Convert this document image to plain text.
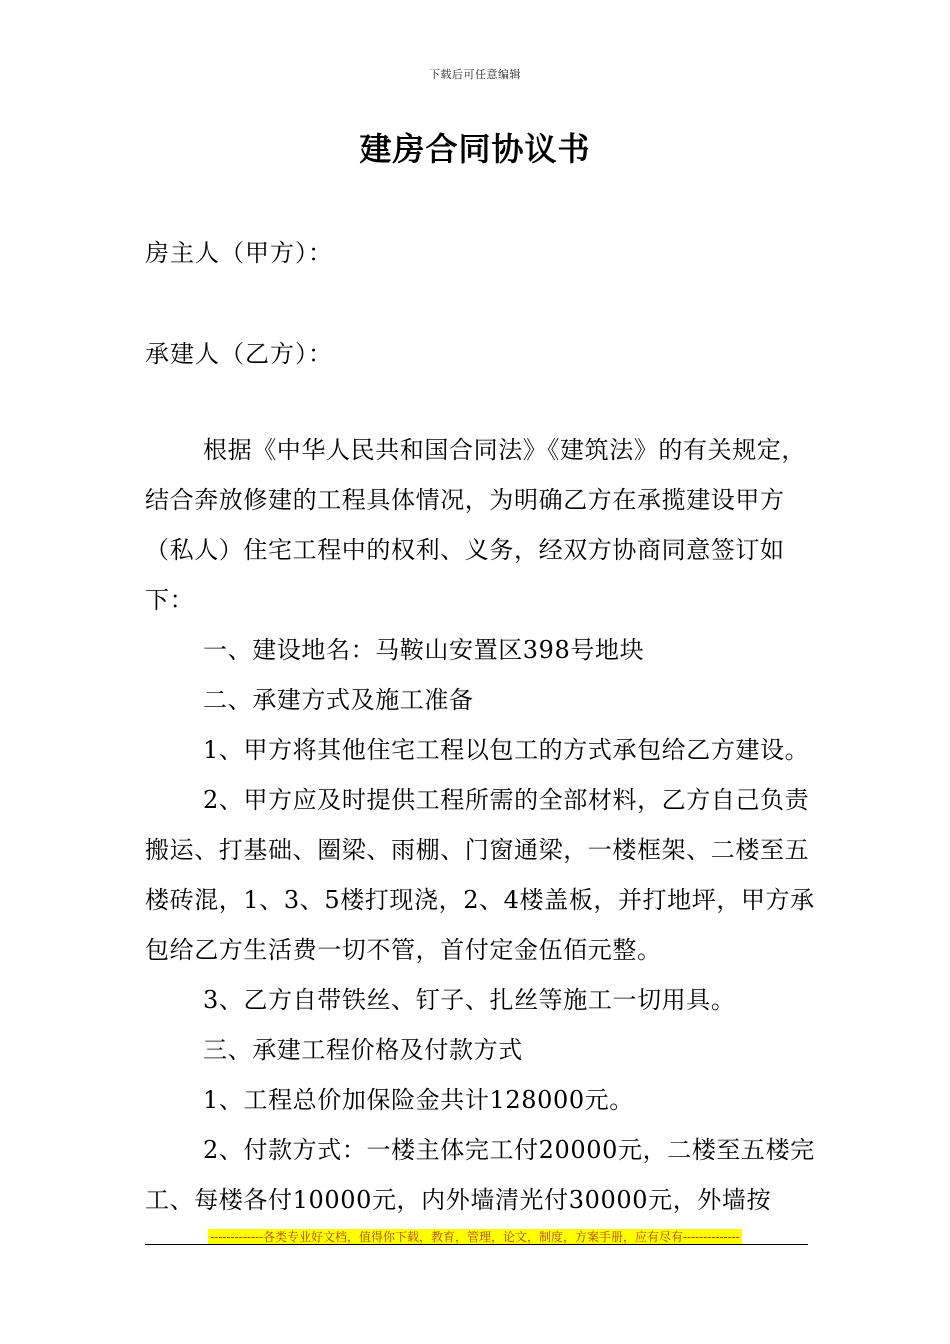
下载后可任意编辑
建房合同协议书
房主人（甲方）：
承建人（乙方）：

根据《中华人民共和国合同法》《建筑法》的有关规定，结合奔放修建的工程具体情况，为明确乙方在承揽建设甲方（私人）住宅工程中的权利、义务，经双方协商同意签订如下：

一、建设地名：马鞍山安置区398号地块

二、承建方式及施工准备

1、甲方将其他住宅工程以包工的方式承包给乙方建设。

2、甲方应及时提供工程所需的全部材料，乙方自己负责搬运、打基础、圈梁、雨棚、门窗通梁，一楼框架、二楼至五楼砖混，1、3、5楼打现浇，2、4楼盖板，并打地坪，甲方承包给乙方生活费一切不管，首付定金伍佰元整。

3、乙方自带铁丝、钉子、扎丝等施工一切用具。

三、承建工程价格及付款方式

1、工程总价加保险金共计128000元。

2、付款方式：一楼主体完工付20000元，二楼至五楼完工、每楼各付10000元，内外墙清光付30000元，外墙按

-------------各类专业好文档，值得你下载，教育，管理，论文，制度，方案手册，应有尽有--------------
